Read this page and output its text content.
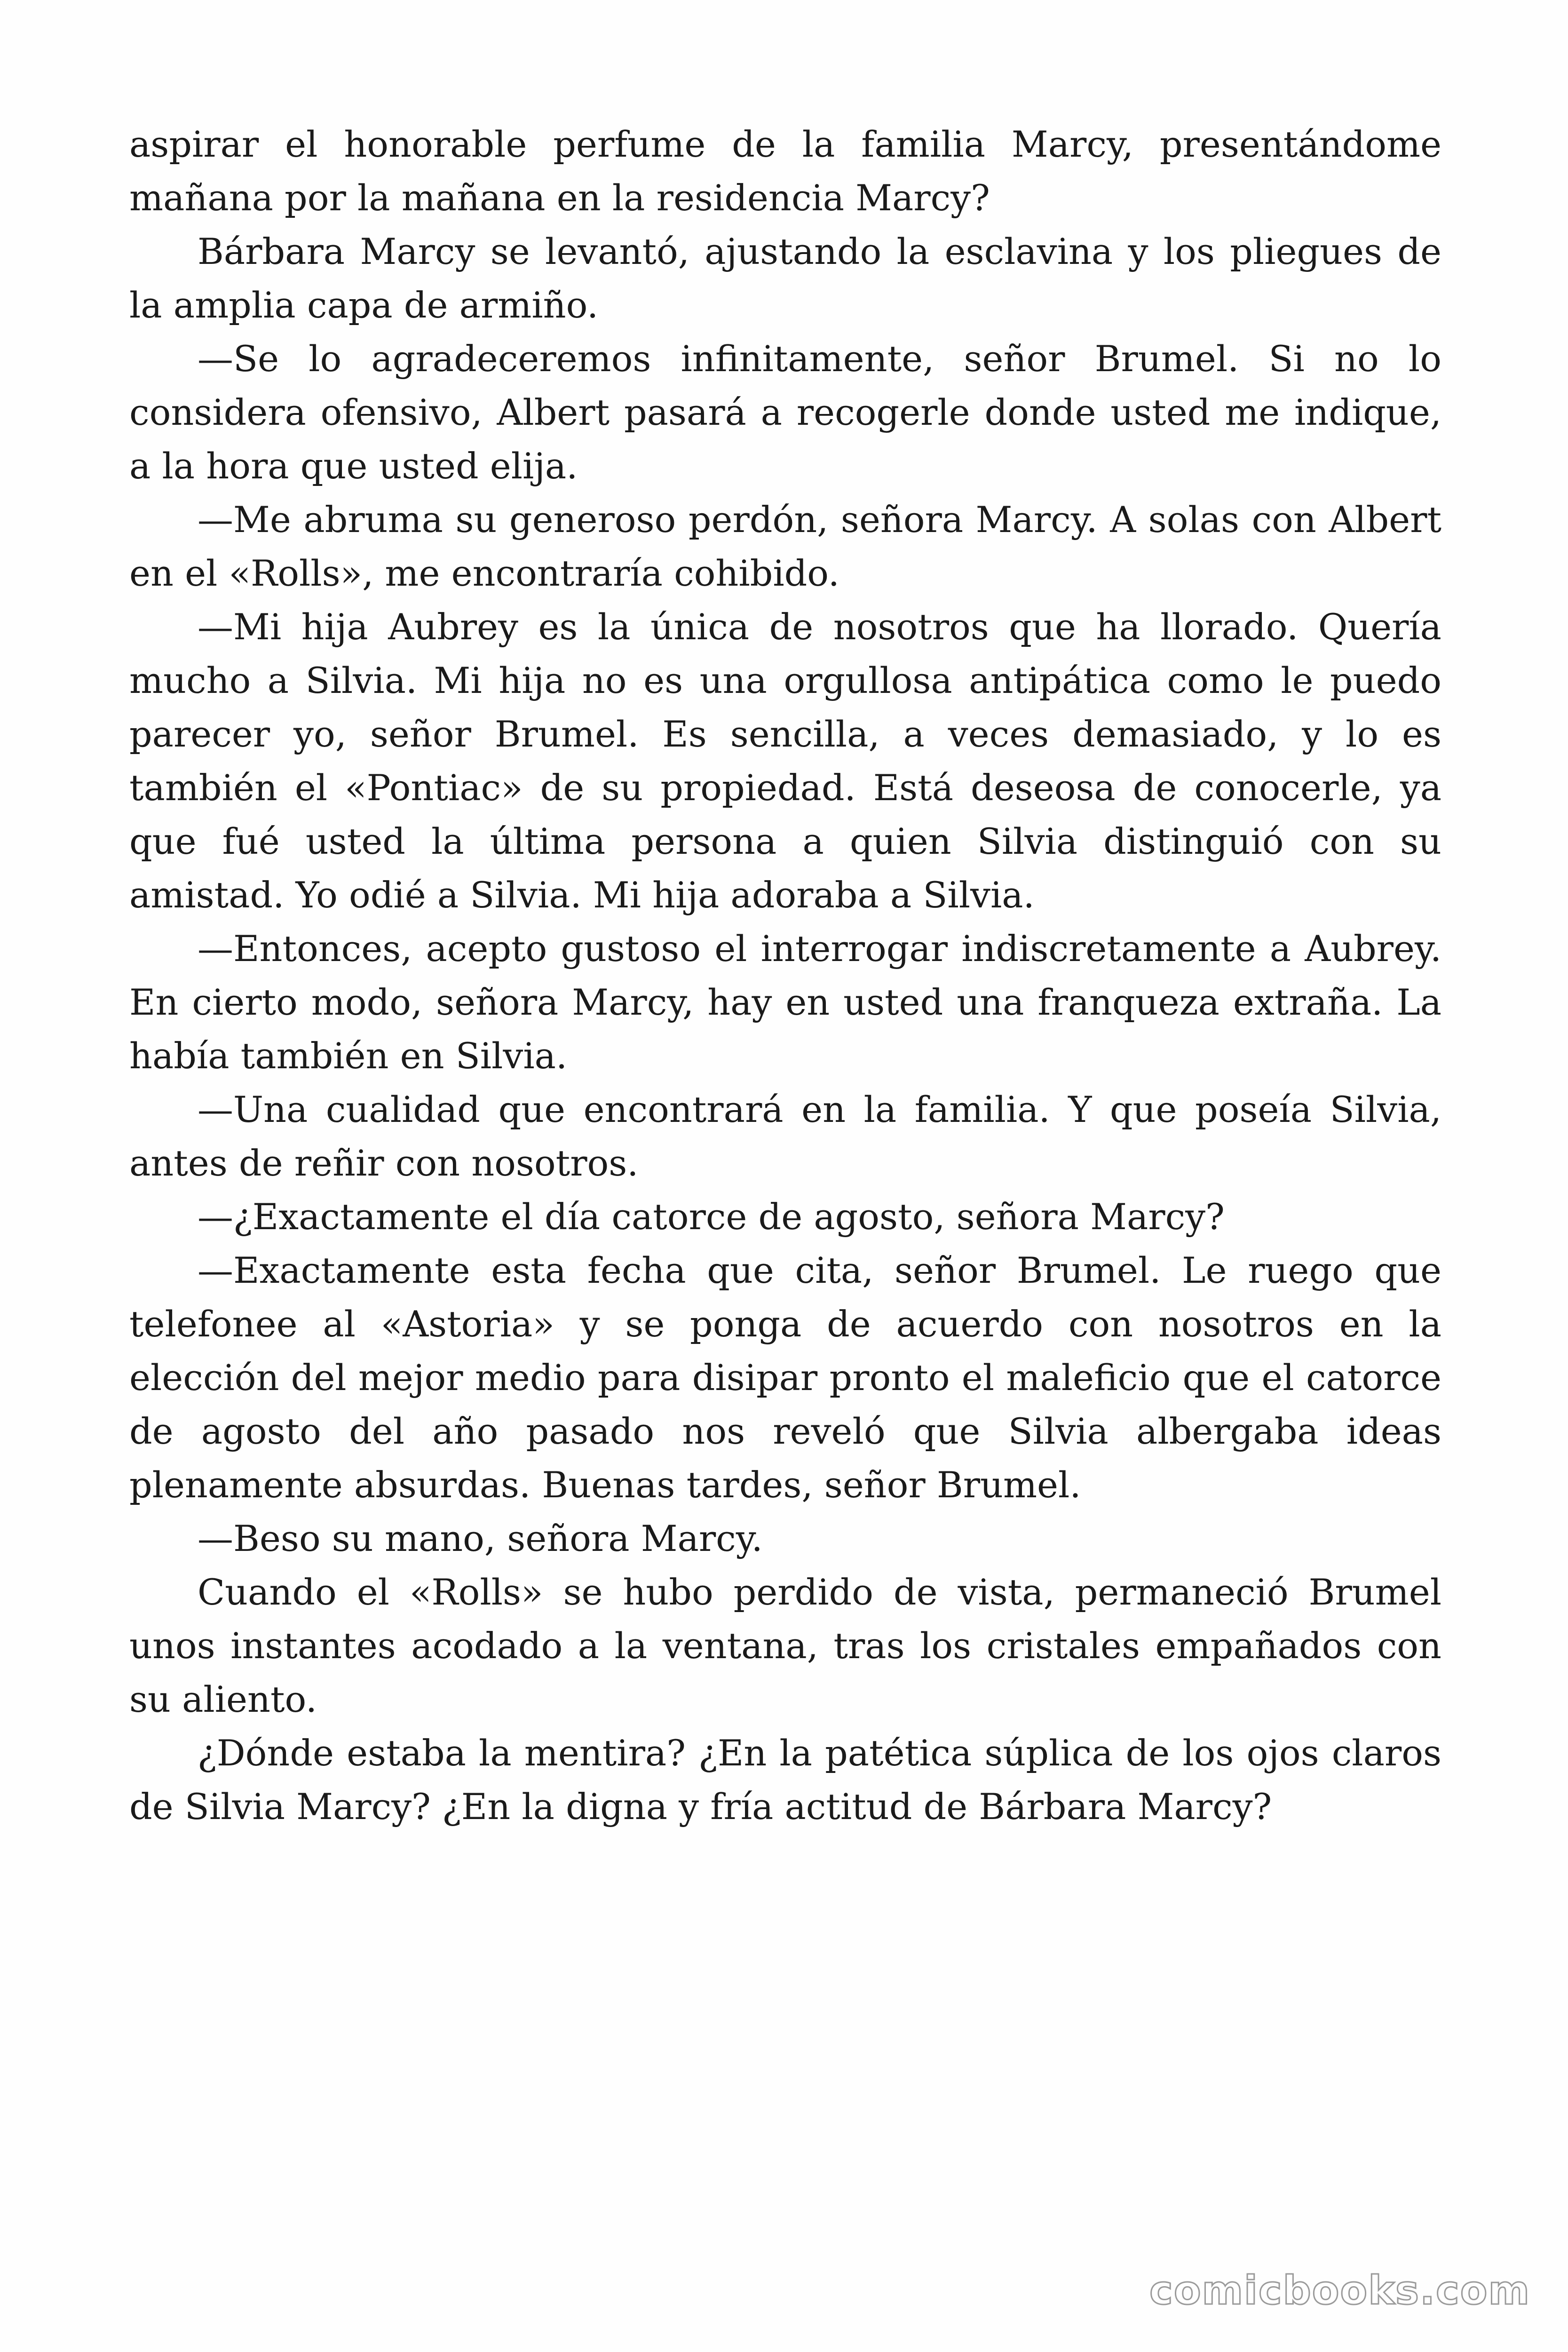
aspirar el honorable perfume de la familia Marcy, presentándome mañana por la mañana en la residencia Marcy?

Bárbara Marcy se levantó, ajustando la esclavina y los pliegues de la amplia capa de armiño.

—Se lo agradeceremos infinitamente, señor Brumel. Si no lo considera ofensivo, Albert pasará a recogerle donde usted me indique, a la hora que usted elija.

—Me abruma su generoso perdón, señora Marcy. A solas con Albert en el «Rolls», me encontraría cohibido.

—Mi hija Aubrey es la única de nosotros que ha llorado. Quería mucho a Silvia. Mi hija no es una orgullosa antipática como le puedo parecer yo, señor Brumel. Es sencilla, a veces demasiado, y lo es también el «Pontiac» de su propiedad. Está deseosa de conocerle, ya que fué usted la última persona a quien Silvia distinguió con su amistad. Yo odié a Silvia. Mi hija adoraba a Silvia.

—Entonces, acepto gustoso el interrogar indiscretamente a Aubrey. En cierto modo, señora Marcy, hay en usted una franqueza extraña. La había también en Silvia.

—Una cualidad que encontrará en la familia. Y que poseía Silvia, antes de reñir con nosotros.

—¿Exactamente el día catorce de agosto, señora Marcy?

—Exactamente esta fecha que cita, señor Brumel. Le ruego que telefonee al «Astoria» y se ponga de acuerdo con nosotros en la elección del mejor medio para disipar pronto el maleficio que el catorce de agosto del año pasado nos reveló que Silvia albergaba ideas plenamente absurdas. Buenas tardes, señor Brumel.

—Beso su mano, señora Marcy.

Cuando el «Rolls» se hubo perdido de vista, permaneció Brumel unos instantes acodado a la ventana, tras los cristales empañados con su aliento.

¿Dónde estaba la mentira? ¿En la patética súplica de los ojos claros de Silvia Marcy? ¿En la digna y fría actitud de Bárbara Marcy?

comicbooks.com
